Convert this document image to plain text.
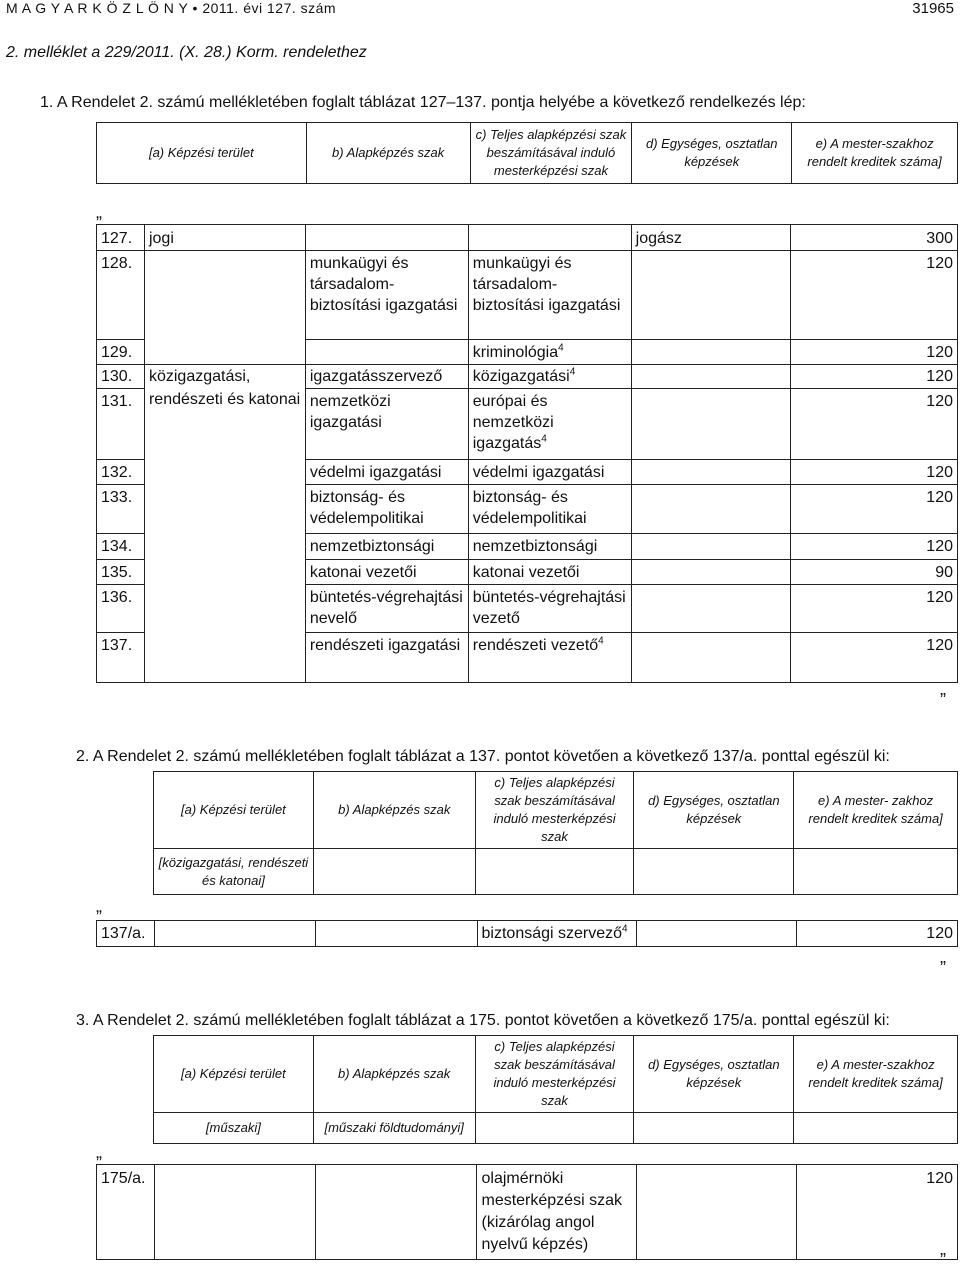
M A G Y A R K Ö Z L Ö N Y • 2011. évi 127. szám	31965
2. melléklet a 229/2011. (X. 28.) Korm. rendelethez
1. A Rendelet 2. számú mellékletében foglalt táblázat 127–137. pontja helyébe a következő rendelkezés lép:
[a) Képzési terület	b) Alapképzés szak	c) Teljes alapképzési szak beszámításával induló mesterképzési szak	d) Egységes, osztatlan képzések	e) A mester-szakhoz rendelt kreditek száma]
„
127.	jogi			jogász	300
128.		munkaügyi és társadalom-biztosítási igazgatási	munkaügyi és társadalom-biztosítási igazgatási		120
129.			kriminológia$^4$		120
130.	közigazgatási,	igazgatásszervező	közigazgatási$^4$		120
131.	rendészeti és katonai	nemzetközi igazgatási	európai és nemzetközi igazgatás$^4$		120
132.		védelmi igazgatási	védelmi igazgatási		120
133.		biztonság- és védelempolitikai	biztonság- és védelempolitikai		120
134.		nemzetbiztonsági	nemzetbiztonsági		120
135.		katonai vezetői	katonai vezetői		90
136.		büntetés-végrehajtási nevelő	büntetés-végrehajtási vezető		120
137.		rendészeti igazgatási	rendészeti vezető$^4$		120
”
2. A Rendelet 2. számú mellékletében foglalt táblázat a 137. pontot követően a következő 137/a. ponttal egészül ki:
[a) Képzési terület	b) Alapképzés szak	c) Teljes alapképzési szak beszámításával induló mesterképzési szak	d) Egységes, osztatlan képzések	e) A mester- zakhoz rendelt kreditek száma]
[közigazgatási, rendészeti és katonai]				
„
137/a.			biztonsági szervező$^4$		120
”
3. A Rendelet 2. számú mellékletében foglalt táblázat a 175. pontot követően a következő 175/a. ponttal egészül ki:
[a) Képzési terület	b) Alapképzés szak	c) Teljes alapképzési szak beszámításával induló mesterképzési szak	d) Egységes, osztatlan képzések	e) A mester-szakhoz rendelt kreditek száma]
[műszaki]	[műszaki földtudományi]			
„
175/a.			olajmérnöki mesterképzési szak (kizárólag angol nyelvű képzés)		120
”
